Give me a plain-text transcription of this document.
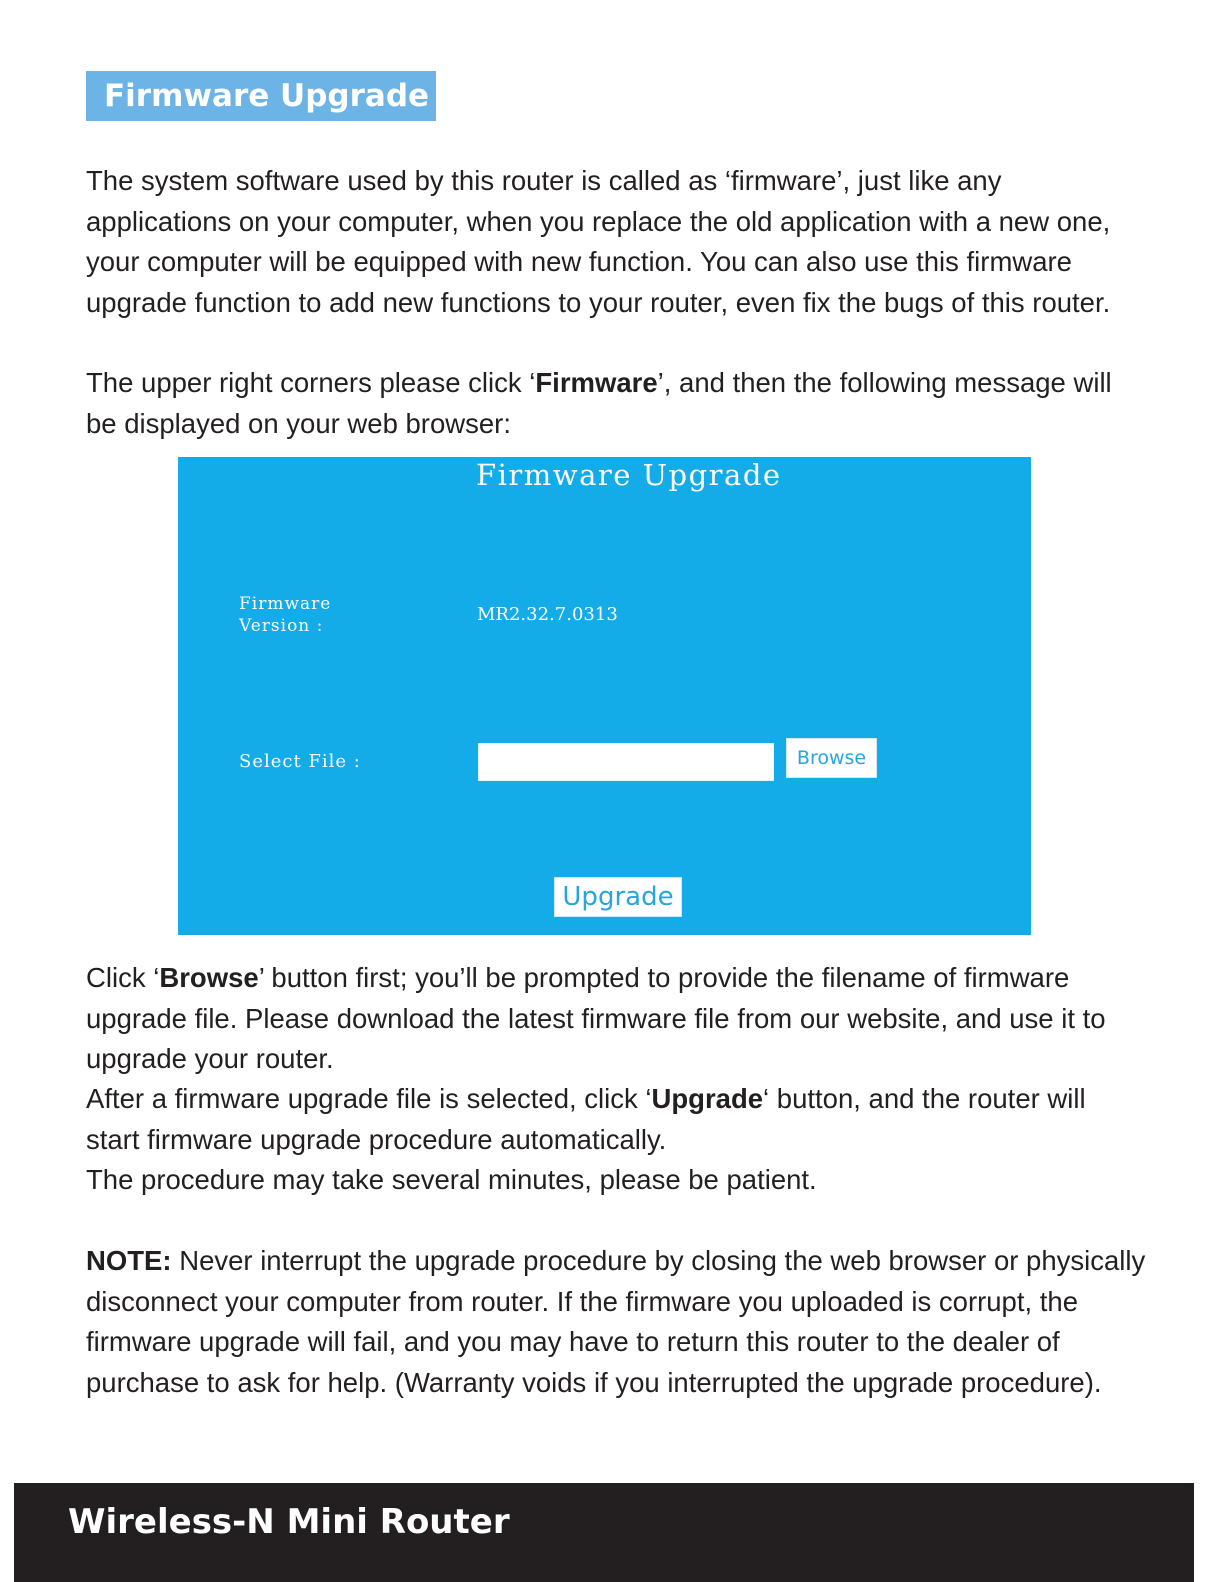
Firmware Upgrade

The system software used by this router is called as ‘firmware’, just like any applications on your computer, when you replace the old application with a new one, your computer will be equipped with new function. You can also use this firmware upgrade function to add new functions to your router, even fix the bugs of this router.

The upper right corners please click ‘Firmware’, and then the following message will be displayed on your web browser:

Firmware Upgrade
Firmware
Version :
MR2.32.7.0313
Select File :	Browse
Upgrade

Click ‘Browse’ button first; you’ll be prompted to provide the filename of firmware upgrade file. Please download the latest firmware file from our website, and use it to upgrade your router.

After a firmware upgrade file is selected, click ‘Upgrade‘ button, and the router will start firmware upgrade procedure automatically.

The procedure may take several minutes, please be patient.

NOTE: Never interrupt the upgrade procedure by closing the web browser or physically disconnect your computer from router. If the firmware you uploaded is corrupt, the firmware upgrade will fail, and you may have to return this router to the dealer of purchase to ask for help. (Warranty voids if you interrupted the upgrade procedure).

Wireless-N Mini Router
